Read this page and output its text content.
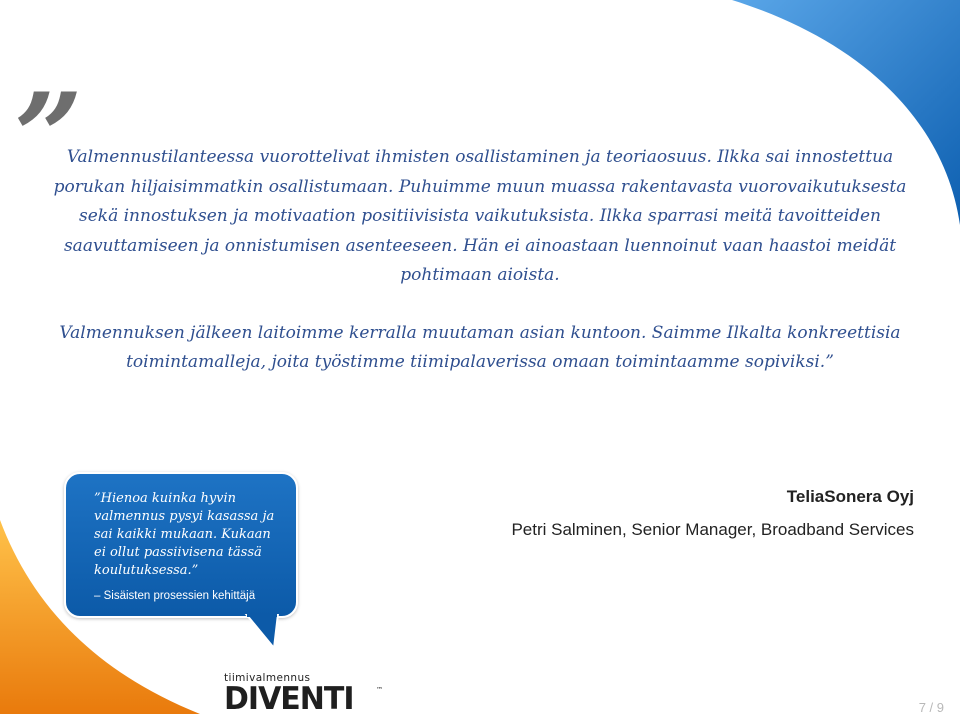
”

Valmennustilanteessa vuorottelivat ihmisten osallistaminen ja teoriaosuus. Ilkka sai innostettua porukan hiljaisimmatkin osallistumaan. Puhuimme muun muassa rakentavasta vuorovaikutuksesta sekä innostuksen ja motivaation positiivisista vaikutuksista. Ilkka sparrasi meitä tavoitteiden saavuttamiseen ja onnistumisen asenteeseen. Hän ei ainoastaan luennoinut vaan haastoi meidät pohtimaan aioista.

Valmennuksen jälkeen laitoimme kerralla muutaman asian kuntoon. Saimme Ilkalta konkreettisia toimintamalleja, joita työstimme tiimipalaverissa omaan toimintaamme sopiviksi.”

”Hienoa kuinka hyvin valmennus pysyi kasassa ja sai kaikki mukaan. Kukaan ei ollut passiivisena tässä koulutuksessa.”
– Sisäisten prosessien kehittäjä
TeliaSonera Oyj
Petri Salminen, Senior Manager, Broadband Services
tiimivalmennus
DIVENTI	™
7 / 9
